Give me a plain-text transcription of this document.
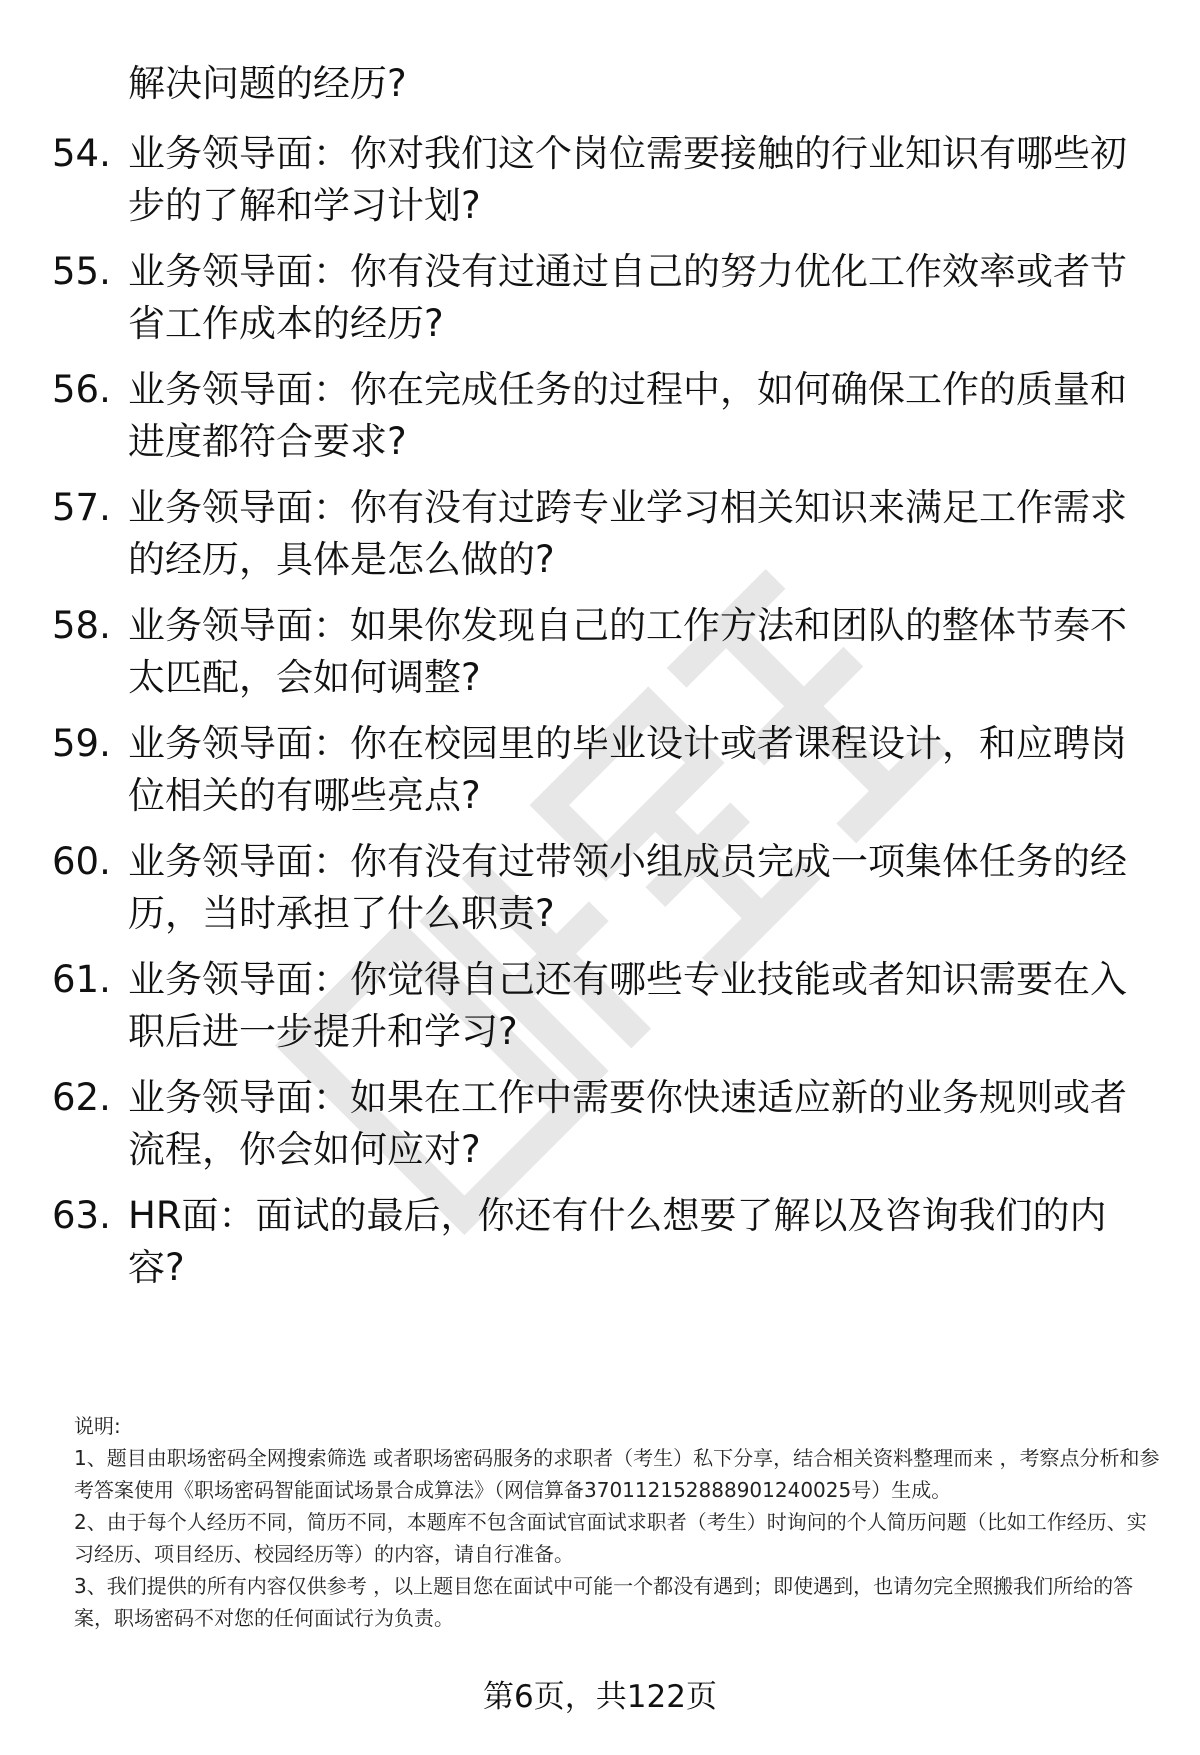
解决问题的经历?
54. 业务领导面：你对我们这个岗位需要接触的行业知识有哪些初步的了解和学习计划?
55. 业务领导面：你有没有过通过自己的努力优化工作效率或者节省工作成本的经历?
56. 业务领导面：你在完成任务的过程中，如何确保工作的质量和进度都符合要求?
57. 业务领导面：你有没有过跨专业学习相关知识来满足工作需求的经历，具体是怎么做的?
58. 业务领导面：如果你发现自己的工作方法和团队的整体节奏不太匹配，会如何调整?
59. 业务领导面：你在校园里的毕业设计或者课程设计，和应聘岗位相关的有哪些亮点?
60. 业务领导面：你有没有过带领小组成员完成一项集体任务的经历，当时承担了什么职责?
61. 业务领导面：你觉得自己还有哪些专业技能或者知识需要在入职后进一步提升和学习?
62. 业务领导面：如果在工作中需要你快速适应新的业务规则或者流程，你会如何应对?
63. HR面：面试的最后，你还有什么想要了解以及咨询我们的内容?

说明:

1、题目由职场密码全网搜索筛选 或者职场密码服务的求职者（考生）私下分享，结合相关资料整理而来 ，考察点分析和参考答案使用《职场密码智能面试场景合成算法》（网信算备370112152888901240025号）生成。

2、由于每个人经历不同，简历不同，本题库不包含面试官面试求职者（考生）时询问的个人简历问题（比如工作经历、实习经历、项目经历、校园经历等）的内容，请自行准备。

3、我们提供的所有内容仅供参考 ，以上题目您在面试中可能一个都没有遇到；即使遇到，也请勿完全照搬我们所给的答案，职场密码不对您的任何面试行为负责。

第6页，共122页
